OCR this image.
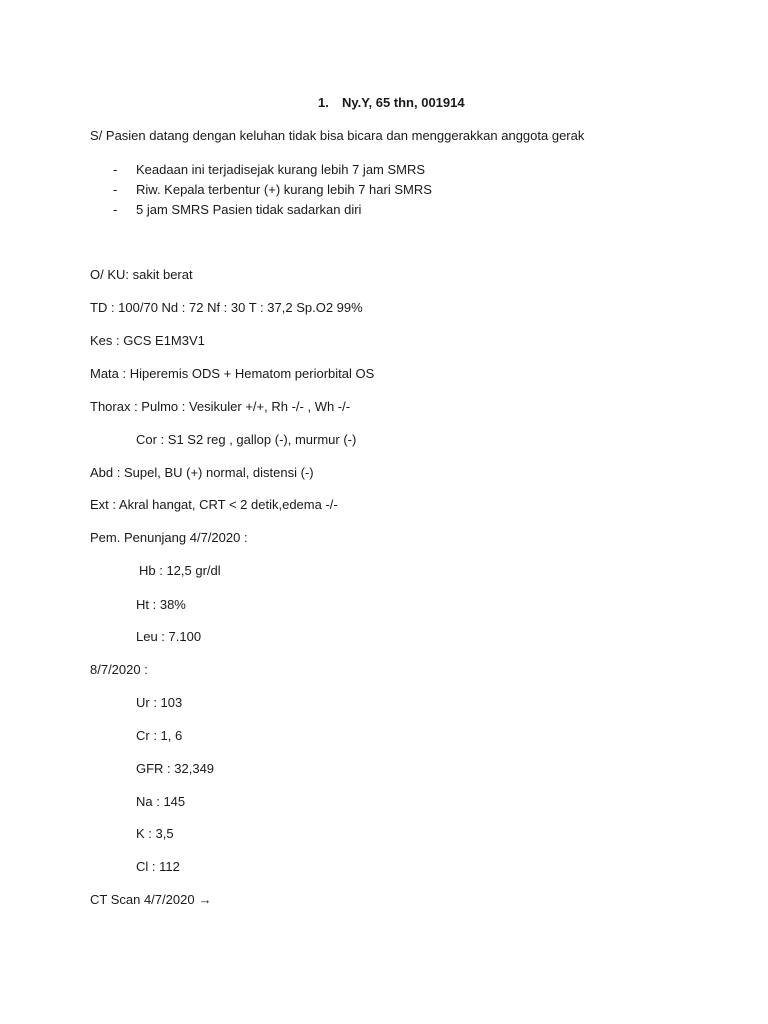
1. Ny.Y, 65 thn, 001914
S/ Pasien datang dengan keluhan tidak bisa bicara dan menggerakkan anggota gerak
- Keadaan ini terjadisejak kurang lebih 7 jam SMRS
- Riw. Kepala terbentur (+) kurang lebih 7 hari SMRS
- 5 jam SMRS Pasien tidak sadarkan diri
O/ KU: sakit berat
TD : 100/70 Nd : 72 Nf : 30 T : 37,2 Sp.O2 99%
Kes : GCS E1M3V1
Mata : Hiperemis ODS + Hematom periorbital OS
Thorax : Pulmo : Vesikuler +/+, Rh -/- , Wh -/-
Cor : S1 S2 reg , gallop (-), murmur (-)
Abd : Supel, BU (+) normal, distensi (-)
Ext : Akral hangat, CRT < 2 detik,edema -/-
Pem. Penunjang 4/7/2020 :
Hb : 12,5 gr/dl
Ht : 38%
Leu : 7.100
8/7/2020 :
Ur : 103
Cr : 1, 6
GFR : 32,349
Na : 145
K : 3,5
Cl : 112
CT Scan 4/7/2020 →
